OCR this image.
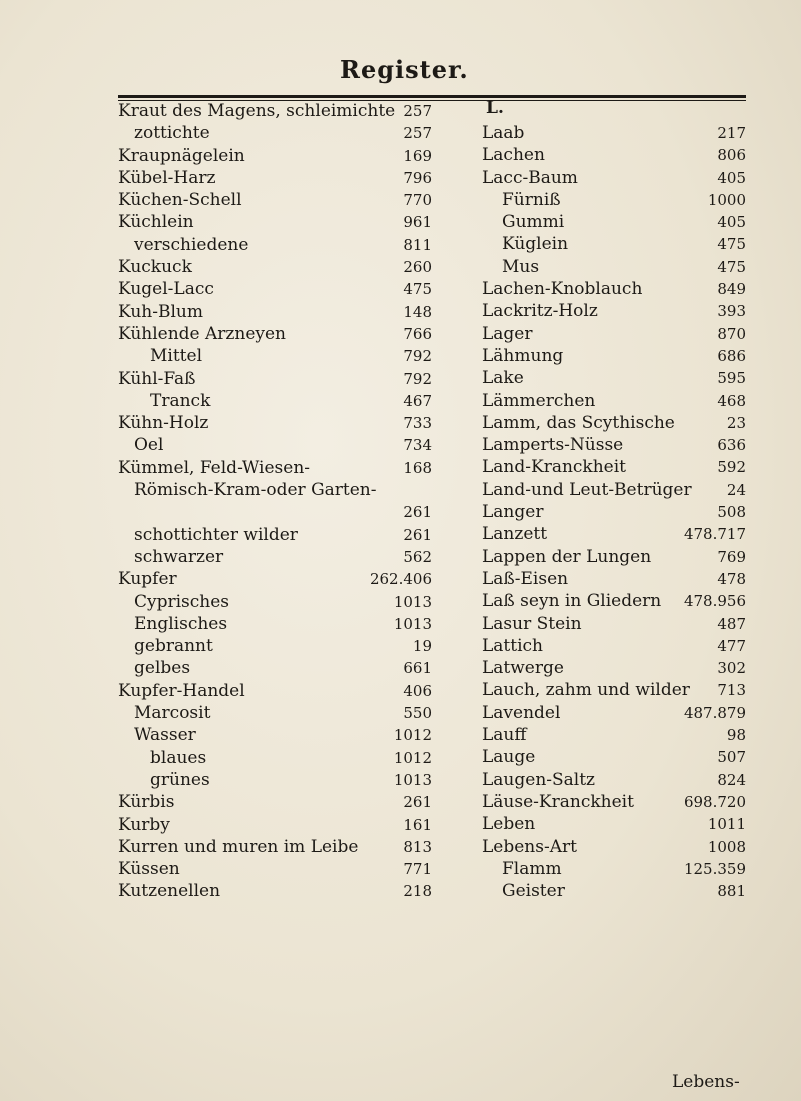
Register.
L.
Kraut des Magens, schleimichte 257
zottichte	257
Kraupnägelein	169
Kübel-Harz	796
Küchen-Schell	770
Küchlein	961
verschiedene	811
Kuckuck	260
Kugel-Lacc	475
Kuh-Blum	148
Kühlende Arzneyen	766
Mittel	792
Kühl-Faß	792
Tranck	467
Kühn-Holz	733
Oel	734
Kümmel, Feld-Wiesen-	168
Römisch-Kram-oder Garten-
261
schottichter wilder	261
schwarzer	562
Kupfer	262.406
Cyprisches	1013
Englisches	1013
gebrannt	19
gelbes	661
Kupfer-Handel	406
Marcosit	550
Wasser	1012
blaues	1012
grünes	1013
Kürbis	261
Kurby	161
Kurren und muren im Leibe	813
Küssen	771
Kutzenellen	218
Laab	217
Lachen	806
Lacc-Baum	405
Fürniß	1000
Gummi	405
Küglein	475
Mus	475
Lachen-Knoblauch	849
Lackritz-Holz	393
Lager	870
Lähmung	686
Lake	595
Lämmerchen	468
Lamm, das Scythische	23
Lamperts-Nüsse	636
Land-Kranckheit	592
Land-und Leut-Betrüger 24
Langer	508
Lanzett	478.717
Lappen der Lungen	769
Laß-Eisen	478
Laß seyn in Gliedern 478.956
Lasur Stein	487
Lattich	477
Latwerge	302
Lauch, zahm und wilder 713
Lavendel	487.879
Lauff	98
Lauge	507
Laugen-Saltz	824
Läuse-Kranckheit	698.720
Leben	1011
Lebens-Art	1008
Flamm	125.359
Geister	881
Lebens-
